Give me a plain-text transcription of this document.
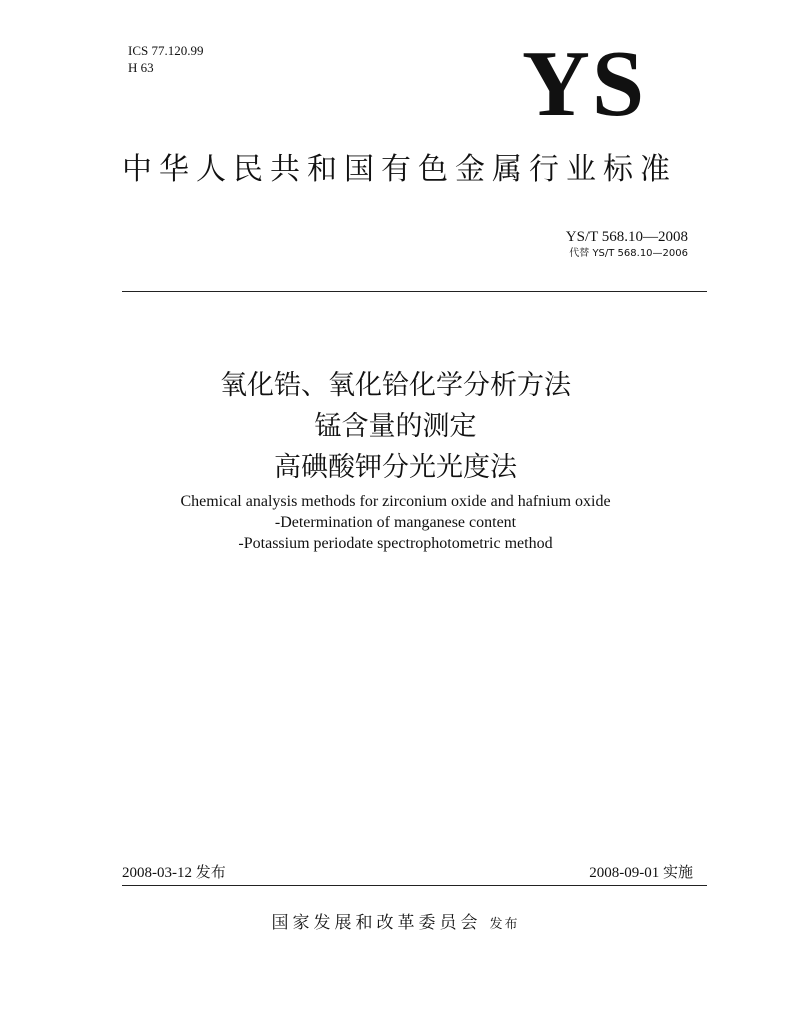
ICS 77.120.99
H 63	YS
中华人民共和国有色金属行业标准
YS/T 568.10—2008
代替 YS/T 568.10—2006
氧化锆、氧化铪化学分析方法
锰含量的测定
高碘酸钾分光光度法
Chemical analysis methods for zirconium oxide and hafnium oxide
-Determination of manganese content
-Potassium periodate spectrophotometric method
2008-03-12 发布	2008-09-01 实施
国家发展和改革委员会 发布
